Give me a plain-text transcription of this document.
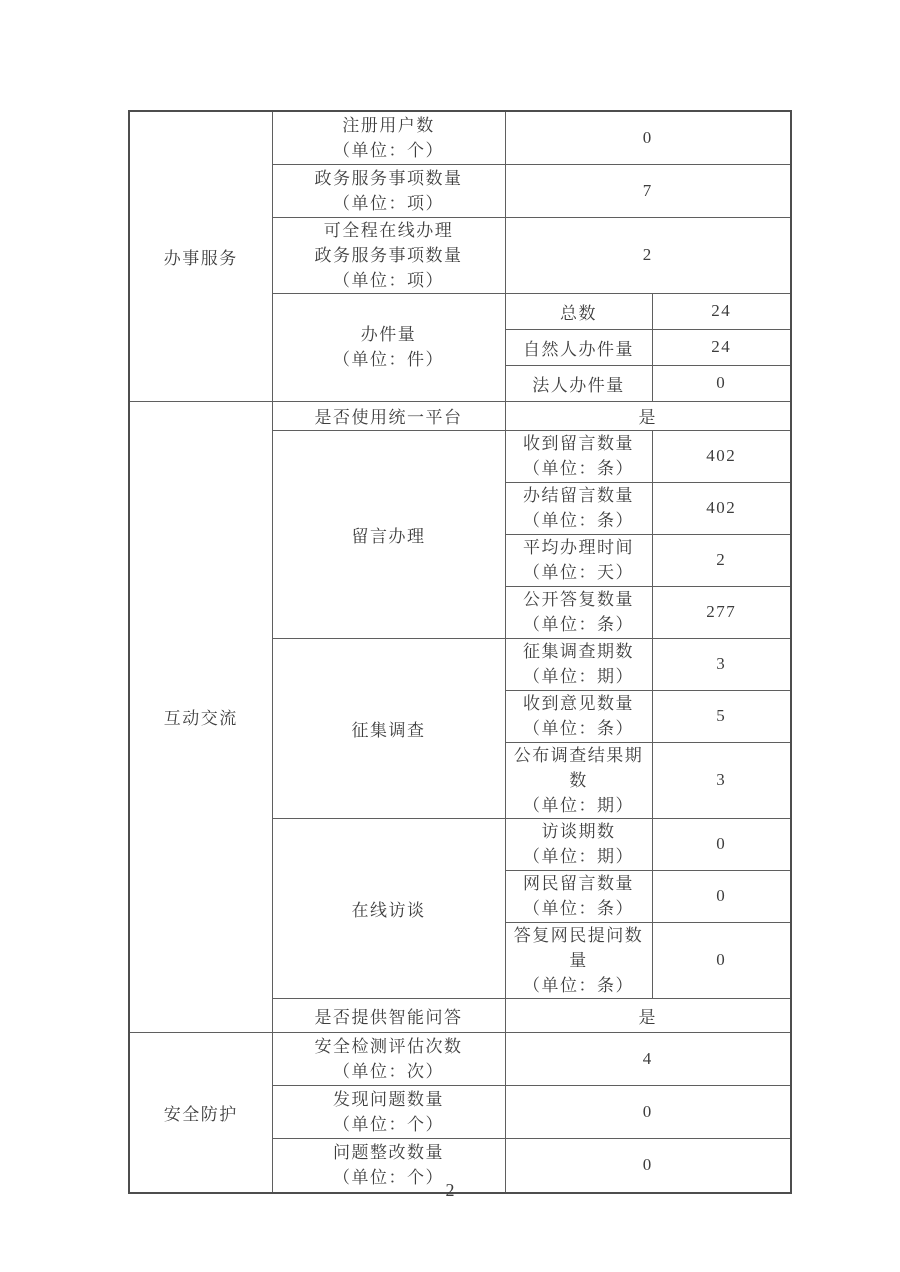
办事服务	注册用户数
（单位：个）	0	

	政务服务事项数量
（单位：项）	7	

	可全程在线办理
政务服务事项数量
（单位：项）	2	

	办件量
（单位：件）	总数	24
		自然人办件量	24
		法人办件量	0
互动交流	是否使用统一平台	是	
	留言办理	收到留言数量
（单位：条）	402

		办结留言数量
（单位：条）	402

		平均办理时间
（单位：天）	2

		公开答复数量
（单位：条）	277
	征集调查	征集调查期数
（单位：期）	3

		收到意见数量
（单位：条）	5

		公布调查结果期数
（单位：期）	3
	在线访谈	访谈期数
（单位：期）	0

		网民留言数量
（单位：条）	0

		答复网民提问数量
（单位：条）	0
	是否提供智能问答	是	
安全防护	安全检测评估次数
（单位：次）	4	

	发现问题数量
（单位：个）	0	

	问题整改数量
（单位：个）	0	
2
